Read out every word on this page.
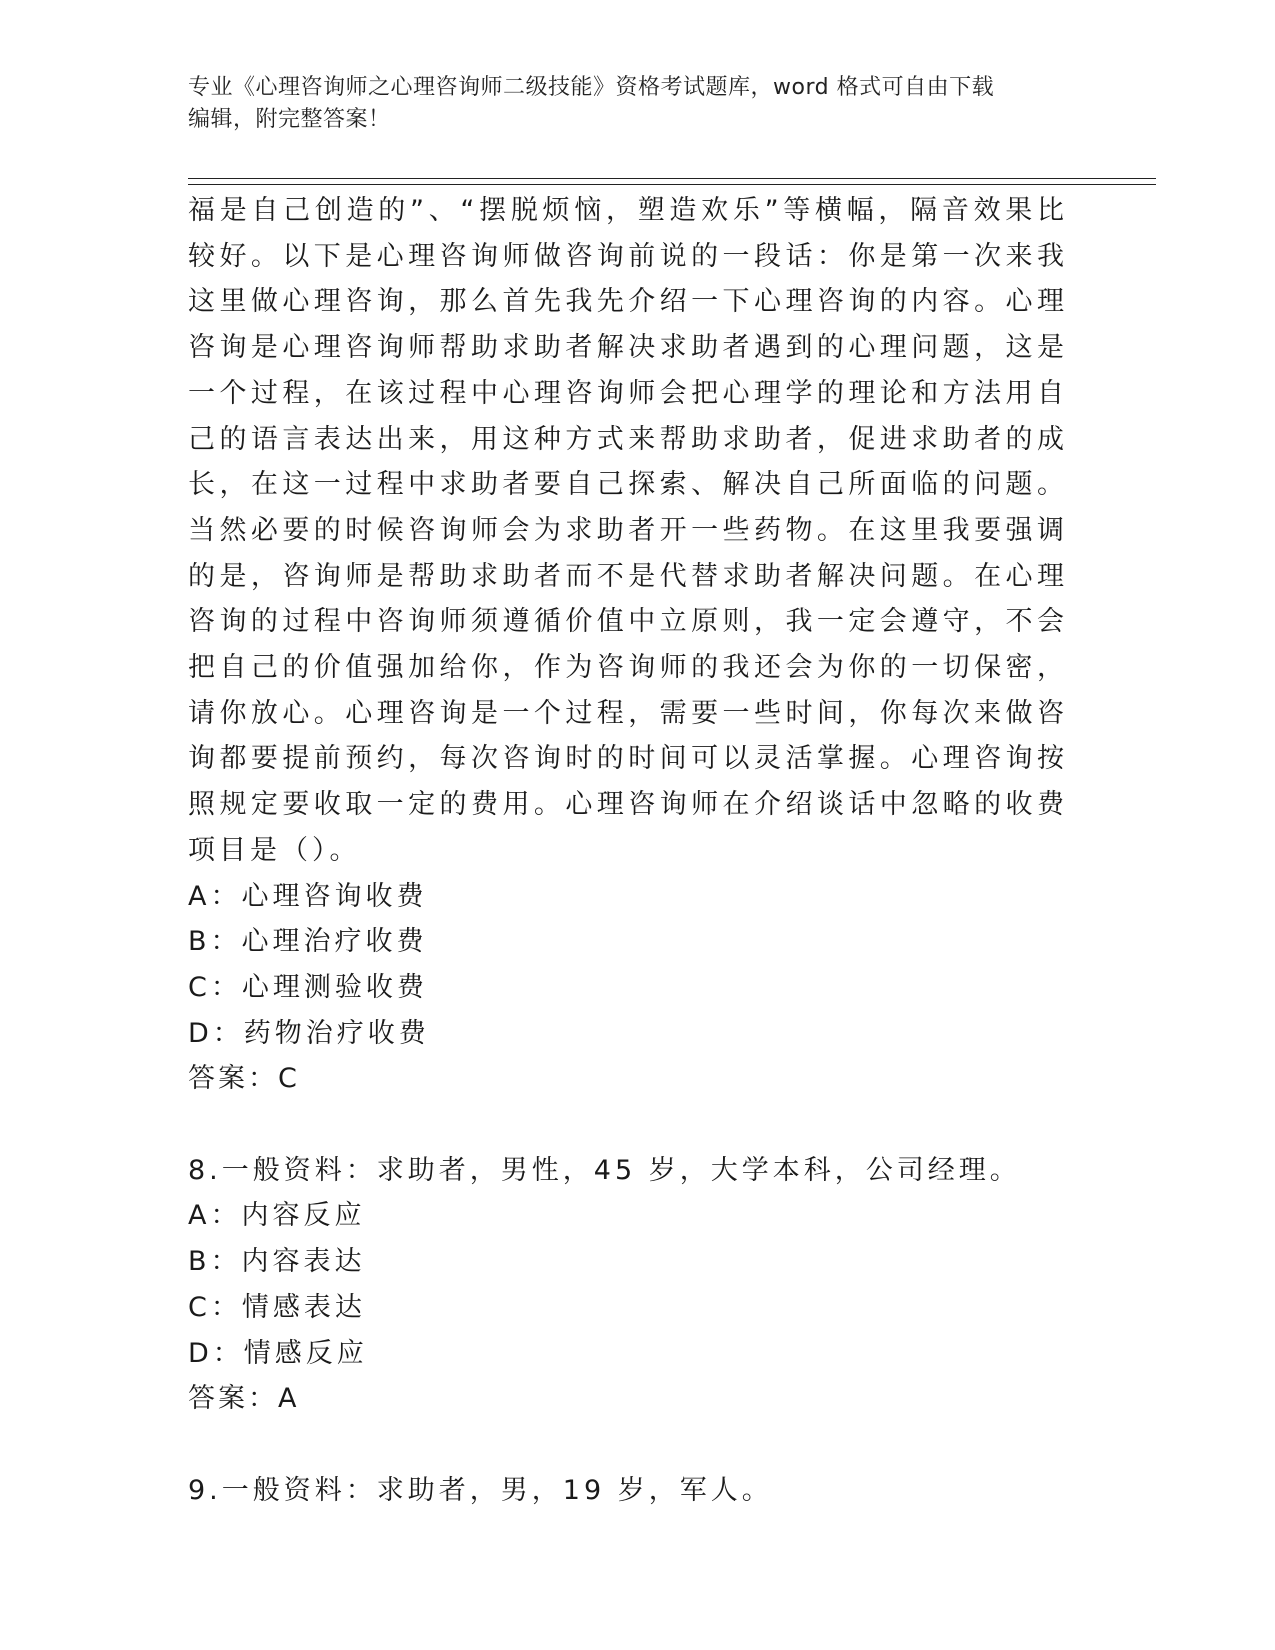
专业《心理咨询师之心理咨询师二级技能》资格考试题库，word 格式可自由下载
编辑，附完整答案！

福是自己创造的”、“摆脱烦恼，塑造欢乐”等横幅，隔音效果比较好。以下是心理咨询师做咨询前说的一段话：你是第一次来我这里做心理咨询，那么首先我先介绍一下心理咨询的内容。心理咨询是心理咨询师帮助求助者解决求助者遇到的心理问题，这是一个过程，在该过程中心理咨询师会把心理学的理论和方法用自己的语言表达出来，用这种方式来帮助求助者，促进求助者的成长，在这一过程中求助者要自己探索、解决自己所面临的问题。当然必要的时候咨询师会为求助者开一些药物。在这里我要强调的是，咨询师是帮助求助者而不是代替求助者解决问题。在心理咨询的过程中咨询师须遵循价值中立原则，我一定会遵守，不会把自己的价值强加给你，作为咨询师的我还会为你的一切保密，请你放心。心理咨询是一个过程，需要一些时间，你每次来做咨询都要提前预约，每次咨询时的时间可以灵活掌握。心理咨询按照规定要收取一定的费用。心理咨询师在介绍谈话中忽略的收费项目是（）。

A：心理咨询收费

B：心理治疗收费

C：心理测验收费

D：药物治疗收费

答案：C

8.一般资料：求助者，男性，45 岁，大学本科，公司经理。

A：内容反应

B：内容表达

C：情感表达

D：情感反应

答案：A

9.一般资料：求助者，男，19 岁，军人。
